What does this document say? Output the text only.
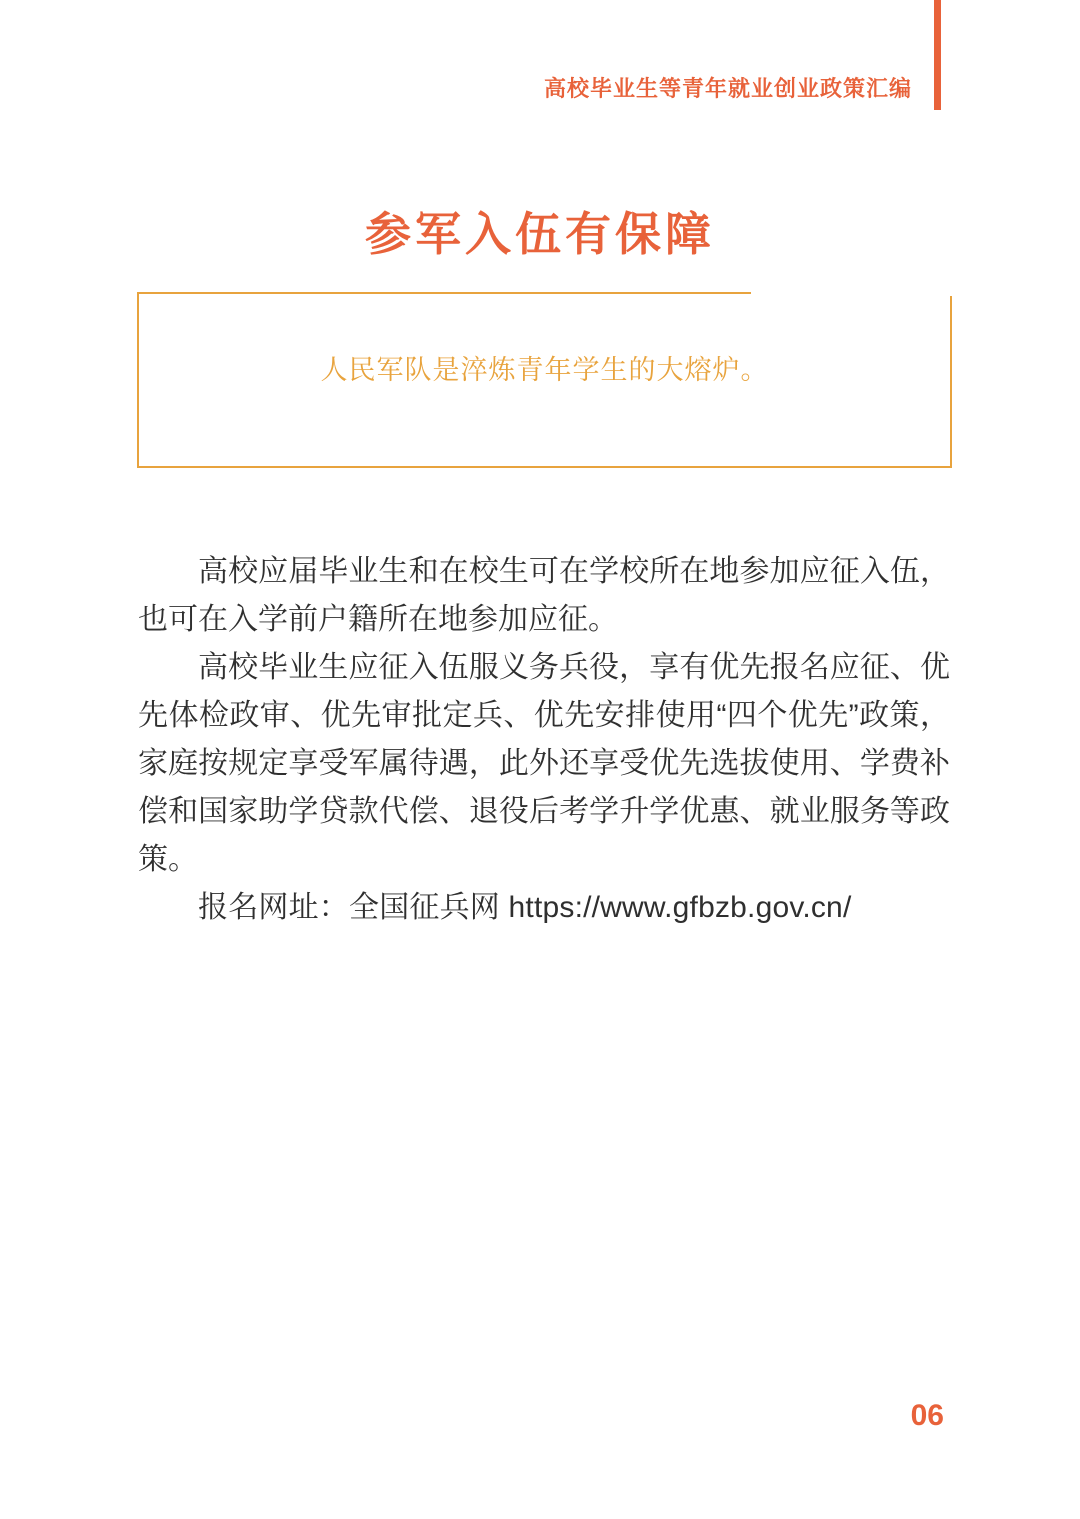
高校毕业生等青年就业创业政策汇编
参军入伍有保障
人民军队是淬炼青年学生的大熔炉。

高校应届毕业生和在校生可在学校所在地参加应征入伍，也可在入学前户籍所在地参加应征。

高校毕业生应征入伍服义务兵役，享有优先报名应征、优先体检政审、优先审批定兵、优先安排使用“四个优先”政策，家庭按规定享受军属待遇，此外还享受优先选拔使用、学费补偿和国家助学贷款代偿、退役后考学升学优惠、就业服务等政策。

报名网址：全国征兵网 https://www.gfbzb.gov.cn/

06
